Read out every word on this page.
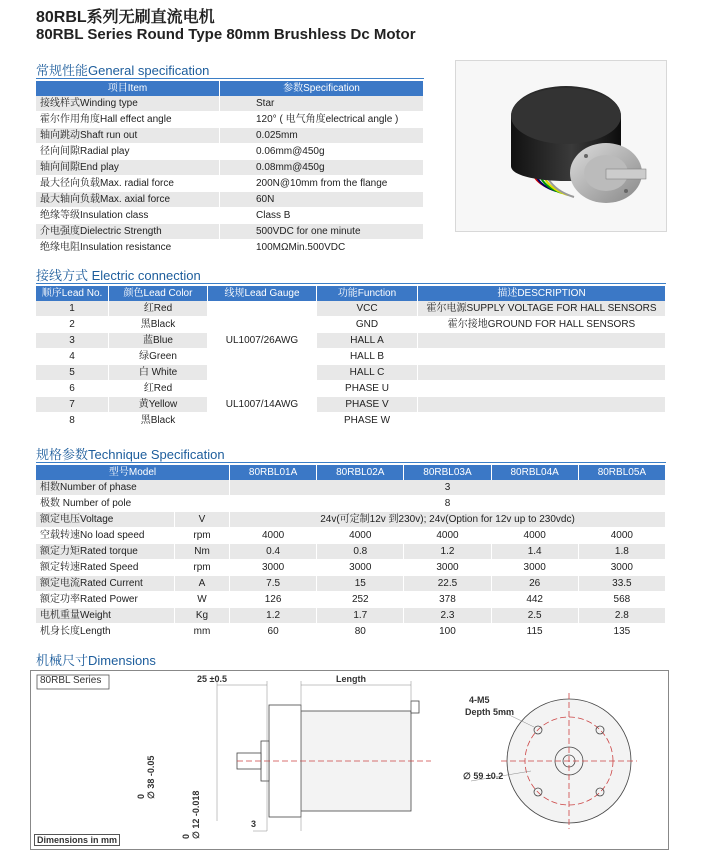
80RBL系列无刷直流电机
80RBL Series Round Type 80mm Brushless Dc Motor
常规性能General specification
项目Item	参数Specification
接线样式Winding type	Star
霍尔作用角度Hall effect angle	120° ( 电气角度electrical angle )
轴向跳动Shaft run out	0.025mm
径向间隙Radial play	0.06mm@450g
轴向间隙End play	0.08mm@450g
最大径向负载Max. radial force	200N@10mm from the flange
最大轴向负载Max. axial force	60N
绝缘等级Insulation class	Class B
介电强度Dielectric Strength	500VDC for one minute
绝缘电阻Insulation resistance	100MΩMin.500VDC
接线方式 Electric connection
顺序Lead No.	颜色Lead Color	线规Lead Gauge	功能Function	描述DESCRIPTION
1	红Red	UL1007/26AWG	VCC	霍尔电源SUPPLY VOLTAGE FOR HALL SENSORS
2	黑Black		GND	霍尔接地GROUND FOR HALL SENSORS
3	蓝Blue		HALL A	
4	绿Green		HALL B	
5	白 White		HALL C	
6	红Red	UL1007/14AWG	PHASE U	
7	黄Yellow		PHASE V	
8	黑Black		PHASE W	
规格参数Technique Specification
型号Model		80RBL01A	80RBL02A	80RBL03A	80RBL04A	80RBL05A
相数Number of phase		3				
极数 Number of pole		8				
额定电压Voltage	V	24v(可定制12v 到230v); 24v(Option for 12v up to 230vdc)				
空载转速No load speed	rpm	4000	4000	4000	4000	4000
额定力矩Rated torque	Nm	0.4	0.8	1.2	1.4	1.8
额定转速Rated Speed	rpm	3000	3000	3000	3000	3000
额定电流Rated Current	A	7.5	15	22.5	26	33.5
额定功率Rated Power	W	126	252	378	442	568
电机重量Weight	Kg	1.2	1.7	2.3	2.5	2.8
机身长度Length	mm	60	80	100	115	135
机械尺寸Dimensions
80RBL Series	25 ±0.5	Length
0
∅ 38 -0.05
0
∅ 12 -0.018
3
4-M5
Depth 5mm
∅ 59 ±0.2
Dimensions in mm
